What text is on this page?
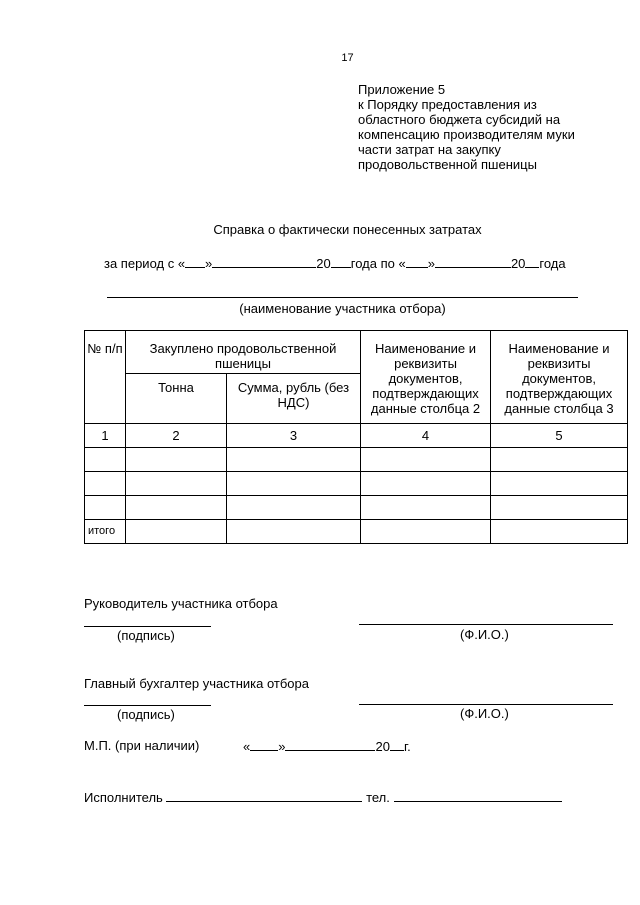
17
Приложение 5
к Порядку предоставления из
областного бюджета субсидий на
компенсацию производителям муки
части затрат на закупку
продовольственной пшеницы
Справка о фактически понесенных затратах
за период с « »	20 года по « »	20 года
(наименование участника отбора)
№ п/п	Закуплено продовольственной пшеницы		Наименование и реквизиты документов, подтверждающих данные столбца 2	Наименование и реквизиты документов, подтверждающих данные столбца 3
	Тонна	Сумма, рубль (без НДС)		
1	2	3	4	5

итого				
Руководитель участника отбора
(подпись)	(Ф.И.О.)
Главный бухгалтер участника отбора
(подпись)	(Ф.И.О.)
М.П. (при наличии)	« »	20 г.
Исполнитель	тел.
